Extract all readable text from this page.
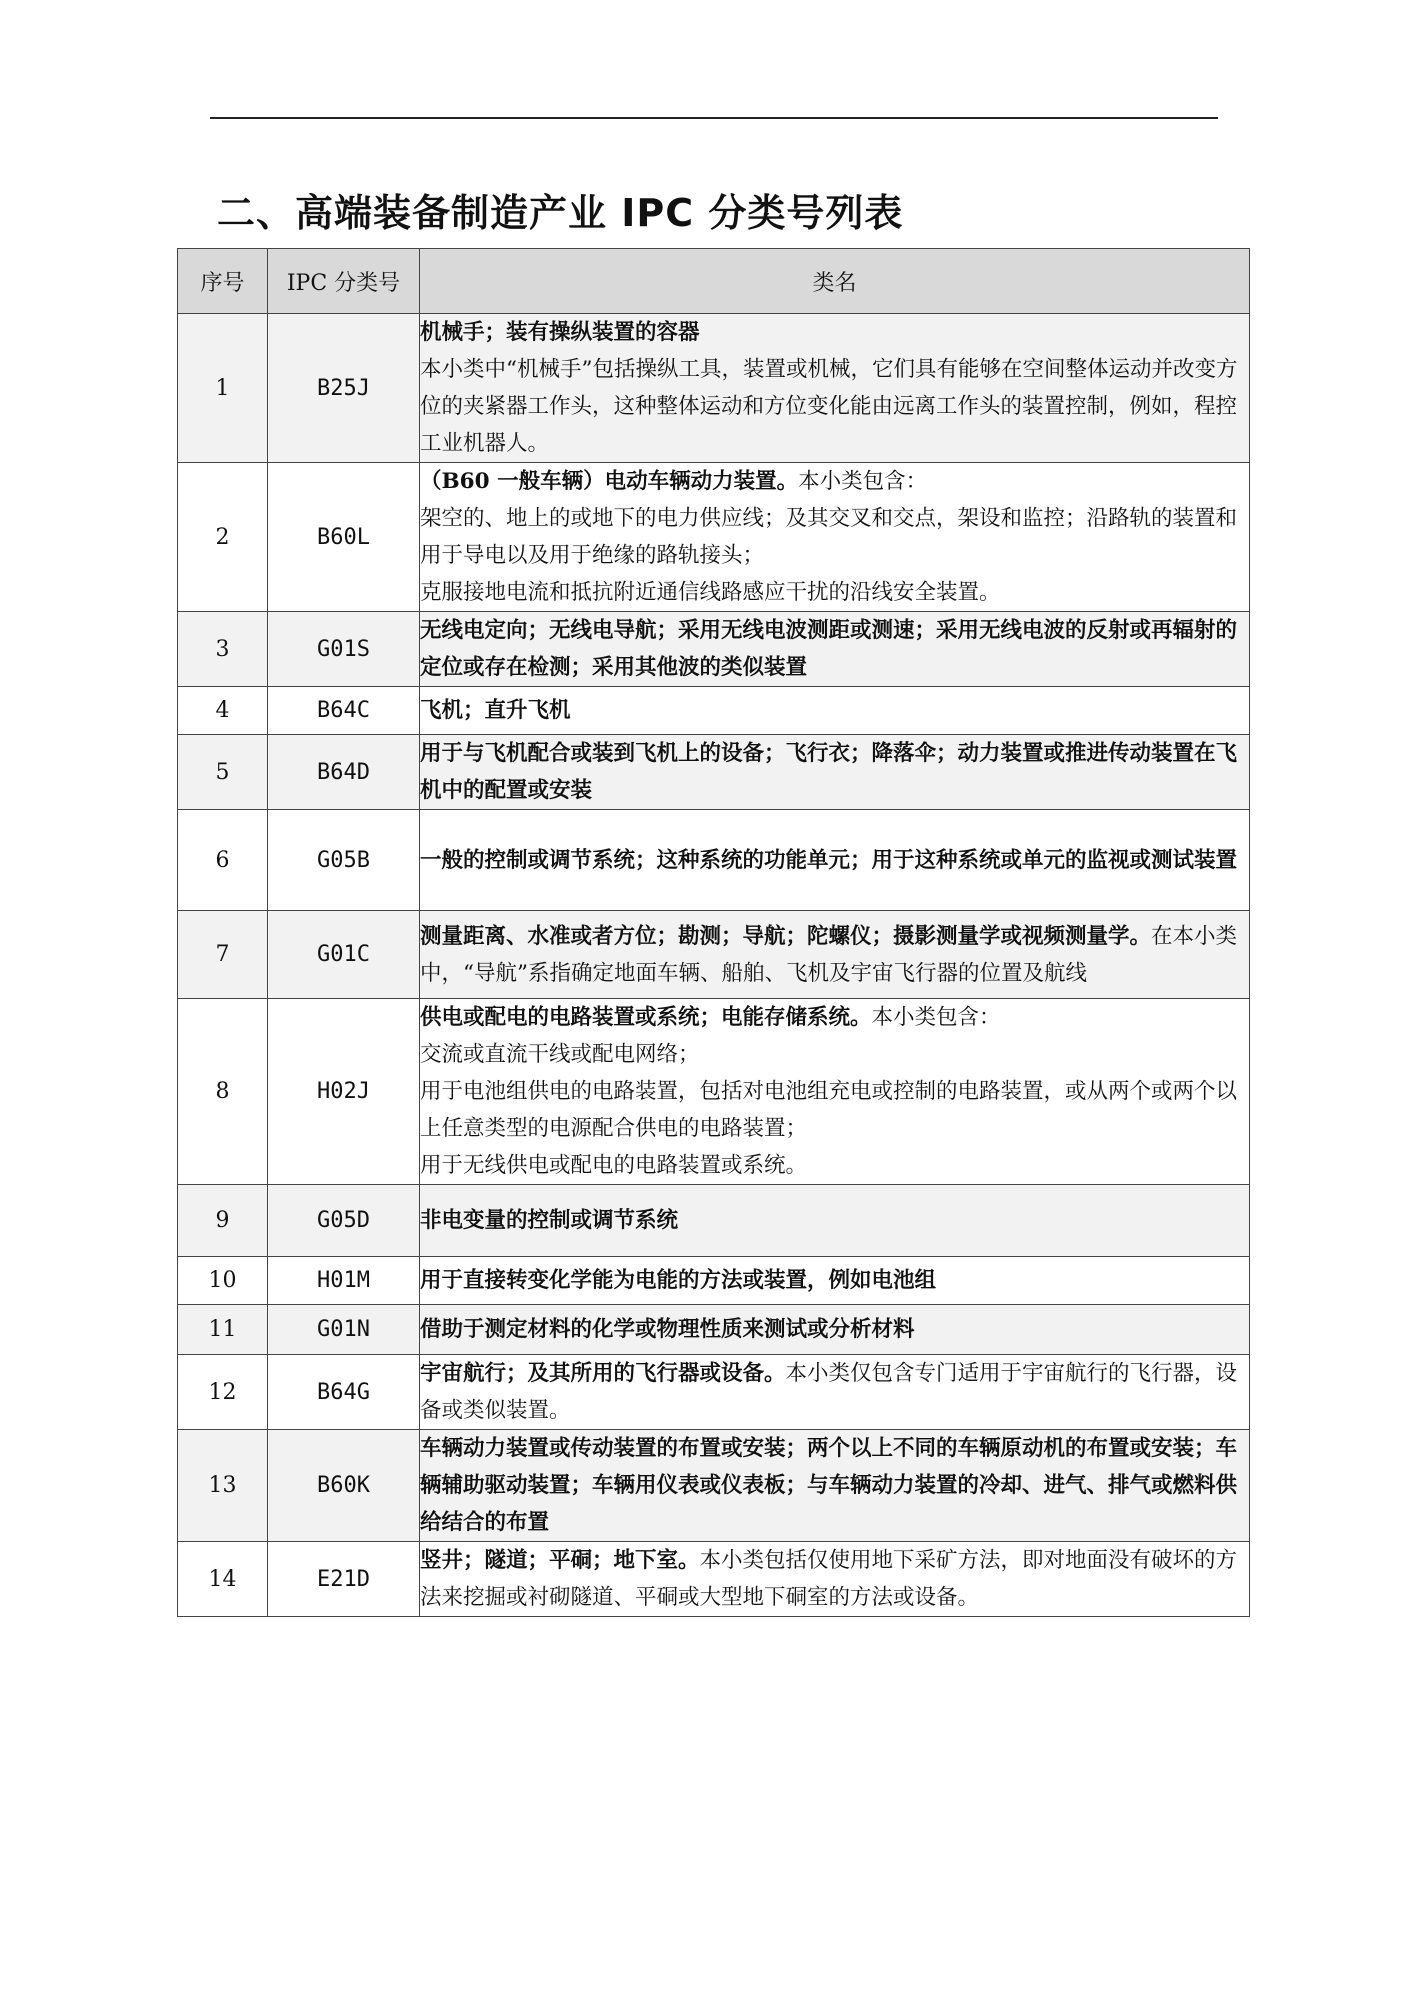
二、高端装备制造产业 IPC 分类号列表
序号	IPC 分类号	类名
1	B25J	机械手；装有操纵装置的容器
本小类中“机械手”包括操纵工具，装置或机械，它们具有能够在空间整体运动并改变方位的夹紧器工作头，这种整体运动和方位变化能由远离工作头的装置控制，例如，程控工业机器人。

2	B60L	（B60 一般车辆）电动车辆动力装置。本小类包含：
架空的、地上的或地下的电力供应线；及其交叉和交点，架设和监控；沿路轨的装置和用于导电以及用于绝缘的路轨接头；
克服接地电流和抵抗附近通信线路感应干扰的沿线安全装置。

3	G01S	无线电定向；无线电导航；采用无线电波测距或测速；采用无线电波的反射或再辐射的定位或存在检测；采用其他波的类似装置
4	B64C	飞机；直升飞机
5	B64D	用于与飞机配合或装到飞机上的设备；飞行衣；降落伞；动力装置或推进传动装置在飞机中的配置或安装
6	G05B	一般的控制或调节系统；这种系统的功能单元；用于这种系统或单元的监视或测试装置
7	G01C	测量距离、水准或者方位；勘测；导航；陀螺仪；摄影测量学或视频测量学。在本小类中，“导航”系指确定地面车辆、船舶、飞机及宇宙飞行器的位置及航线
8	H02J	供电或配电的电路装置或系统；电能存储系统。本小类包含：
交流或直流干线或配电网络；
用于电池组供电的电路装置，包括对电池组充电或控制的电路装置，或从两个或两个以上任意类型的电源配合供电的电路装置；
用于无线供电或配电的电路装置或系统。

9	G05D	非电变量的控制或调节系统
10	H01M	用于直接转变化学能为电能的方法或装置，例如电池组
11	G01N	借助于测定材料的化学或物理性质来测试或分析材料
12	B64G	宇宙航行；及其所用的飞行器或设备。本小类仅包含专门适用于宇宙航行的飞行器，设备或类似装置。
13	B60K	车辆动力装置或传动装置的布置或安装；两个以上不同的车辆原动机的布置或安装；车辆辅助驱动装置；车辆用仪表或仪表板；与车辆动力装置的冷却、进气、排气或燃料供给结合的布置
14	E21D	竖井；隧道；平硐；地下室。本小类包括仅使用地下采矿方法，即对地面没有破坏的方法来挖掘或衬砌隧道、平硐或大型地下硐室的方法或设备。
